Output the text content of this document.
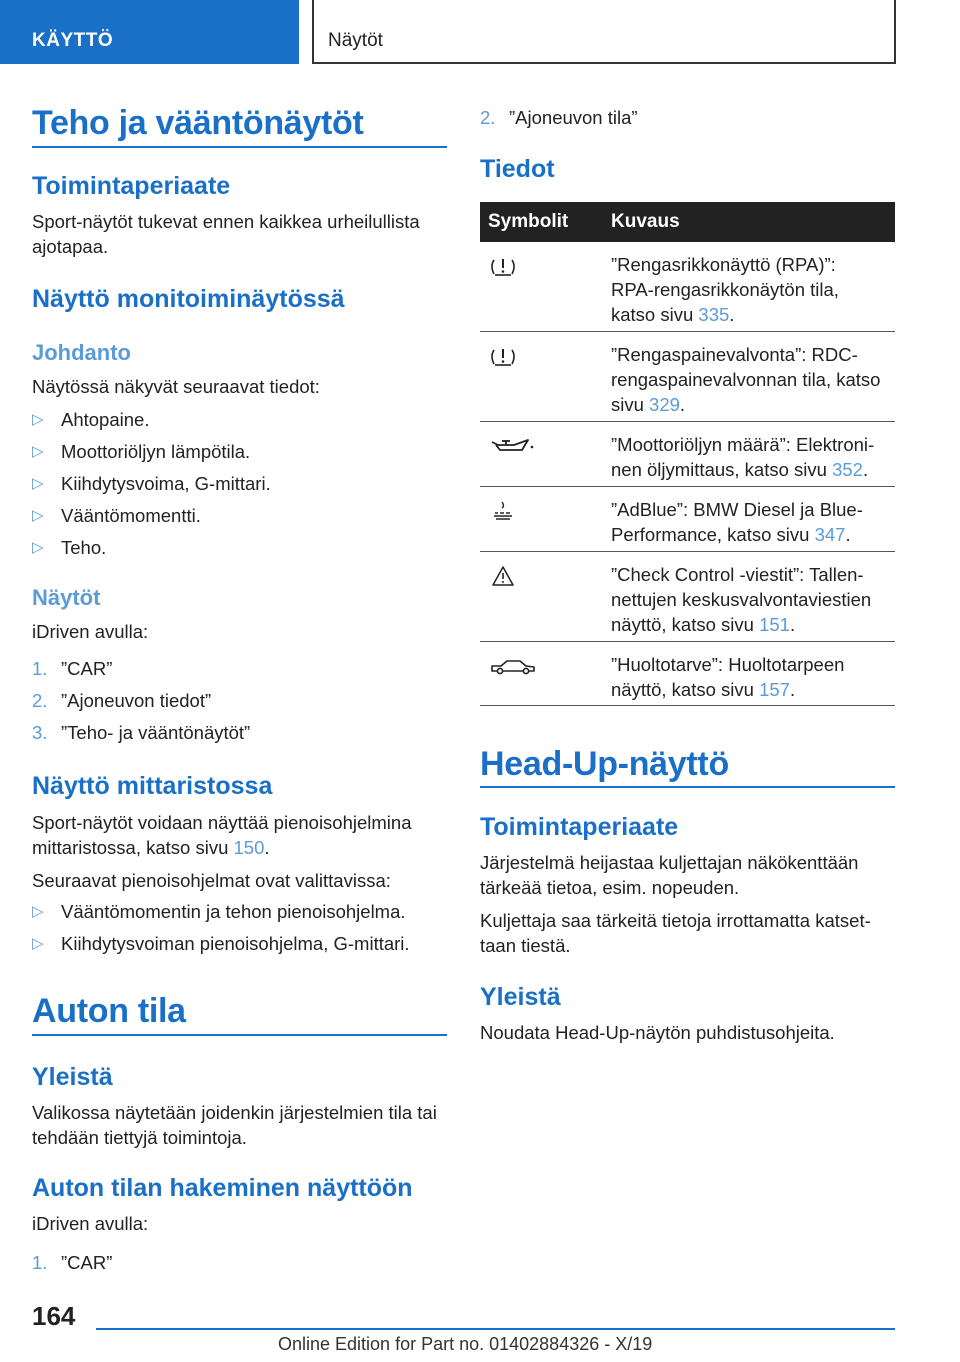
KÄYTTÖ	Näytöt
Teho ja vääntönäytöt
Toimintaperiaate
Sport-näytöt tukevat ennen kaikkea urheilullista ajotapaa.
Näyttö monitoiminäytössä
Johdanto
Näytössä näkyvät seuraavat tiedot:
▷ Ahtopaine.
▷ Moottoriöljyn lämpötila.
▷ Kiihdytysvoima, G-mittari.
▷ Vääntömomentti.
▷ Teho.
Näytöt
iDriven avulla:
1. ”CAR”
2. ”Ajoneuvon tiedot”
3. ”Teho- ja vääntönäytöt”
Näyttö mittaristossa
Sport-näytöt voidaan näyttää pienoisohjelmina mittaristossa, katso sivu 150.
Seuraavat pienoisohjelmat ovat valittavissa:
▷ Vääntömomentin ja tehon pienoisohjelma.
▷ Kiihdytysvoiman pienoisohjelma, G-mittari.
Auton tila
Yleistä
Valikossa näytetään joidenkin järjestelmien tila tai tehdään tiettyjä toimintoja.
Auton tilan hakeminen näyttöön
iDriven avulla:
1. ”CAR”
2. ”Ajoneuvon tila”
Tiedot
Symbolit Kuvaus
”Rengasrikkonäyttö (RPA)”:
RPA-rengasrikkonäytön tila,
katso sivu 335.
”Rengaspainevalvonta”: RDC-
rengaspainevalvonnan tila, katso
sivu 329.
”Moottoriöljyn määrä”: Elektroni-
nen öljymittaus, katso sivu 352.
”AdBlue”: BMW Diesel ja Blue-
Performance, katso sivu 347.
”Check Control -viestit”: Tallen-
nettujen keskusvalvontaviestien
näyttö, katso sivu 151.
”Huoltotarve”: Huoltotarpeen
näyttö, katso sivu 157.
Head-Up-näyttö
Toimintaperiaate
Järjestelmä heijastaa kuljettajan näkökenttään tärkeää tietoa, esim. nopeuden.
Kuljettaja saa tärkeitä tietoja irrottamatta katsettaan tiestä.
Yleistä
Noudata Head-Up-näytön puhdistusohjeita.
164
Online Edition for Part no. 01402884326 - X/19
